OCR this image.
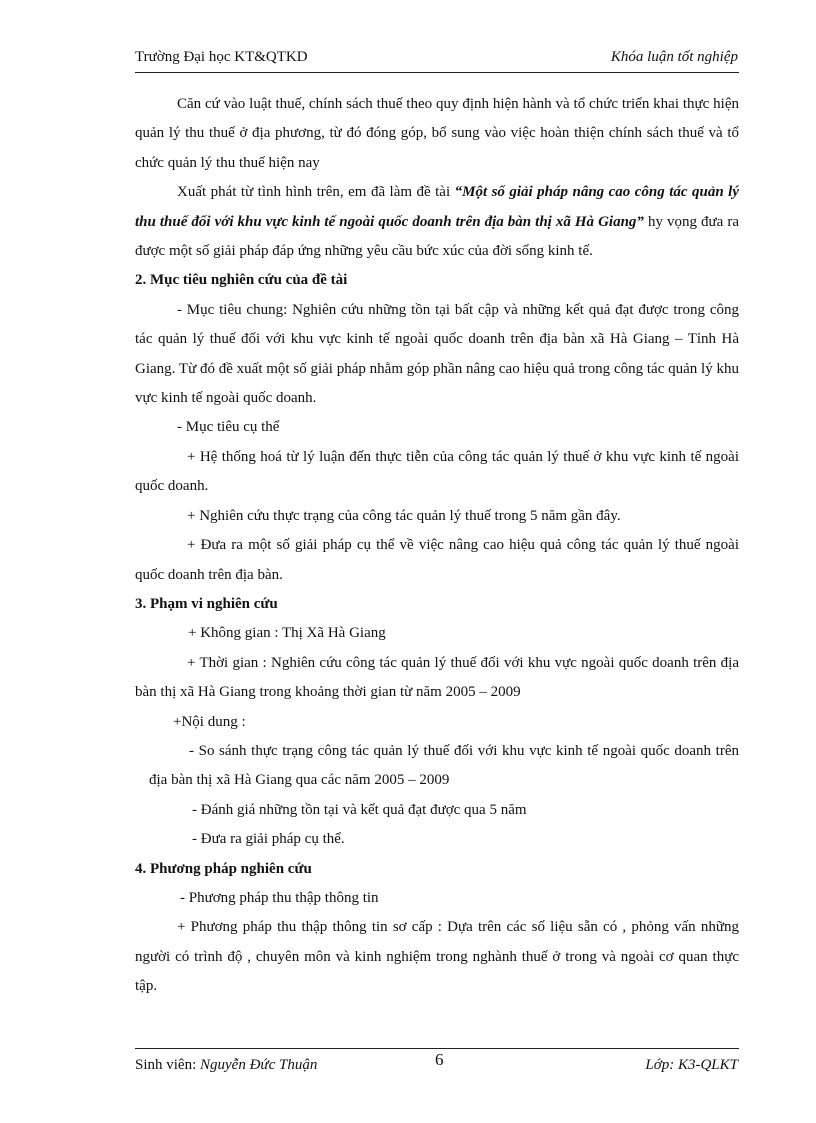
Trường Đại học KT&QTKD	Khóa luận tốt nghiệp

Căn cứ vào luật thuế, chính sách thuế theo quy định hiện hành và tổ chức triển khai thực hiện quản lý thu thuế ở địa phương, từ đó đóng góp, bổ sung vào việc hoàn thiện chính sách thuế và tổ chức quản lý thu thuế hiện nay

Xuất phát từ tình hình trên, em đã làm đề tài “Một số giải pháp nâng cao công tác quản lý thu thuế đối với khu vực kinh tế ngoài quốc doanh trên địa bàn thị xã Hà Giang” hy vọng đưa ra được một số giải pháp đáp ứng những yêu cầu bức xúc của đời sống kinh tế.

2. Mục tiêu nghiên cứu của đề tài

- Mục tiêu chung: Nghiên cứu những tồn tại bất cập và những kết quả đạt được trong công tác quản lý thuế đối với khu vực kinh tế ngoài quốc doanh trên địa bàn xã Hà Giang – Tỉnh Hà Giang. Từ đó đề xuất một số giải pháp nhằm góp phần nâng cao hiệu quả trong công tác quản lý khu vực kinh tế ngoài quốc doanh.

- Mục tiêu cụ thể

+ Hệ thống hoá từ lý luận đến thực tiễn của công tác quản lý thuế ở khu vực kinh tế ngoài quốc doanh.

+ Nghiên cứu thực trạng của công tác quản lý thuế trong 5 năm gần đây.

+ Đưa ra một số giải pháp cụ thể về việc nâng cao hiệu quả công tác quản lý thuế ngoài quốc doanh trên địa bàn.

3. Phạm vi nghiên cứu

+ Không gian : Thị Xã Hà Giang

+ Thời gian : Nghiên cứu công tác quản lý thuế đối với khu vực ngoài quốc doanh trên địa bàn thị xã Hà Giang trong khoảng thời gian từ năm 2005 – 2009

+Nội dung :

- So sánh thực trạng công tác quản lý thuế đối với khu vực kinh tế ngoài quốc doanh trên địa bàn thị xã Hà Giang qua các năm 2005 – 2009

- Đánh giá những tồn tại và kết quả đạt được qua 5 năm

- Đưa ra giải pháp cụ thể.

4. Phương pháp nghiên cứu

- Phương pháp thu thập thông tin

+ Phương pháp thu thập thông tin sơ cấp : Dựa trên các số liệu sẵn có , phỏng vấn những người có trình độ , chuyên môn và kinh nghiệm trong nghành thuế ở trong và ngoài cơ quan thực tập.

Sinh viên: Nguyễn Đức Thuận	6	Lớp: K3-QLKT
